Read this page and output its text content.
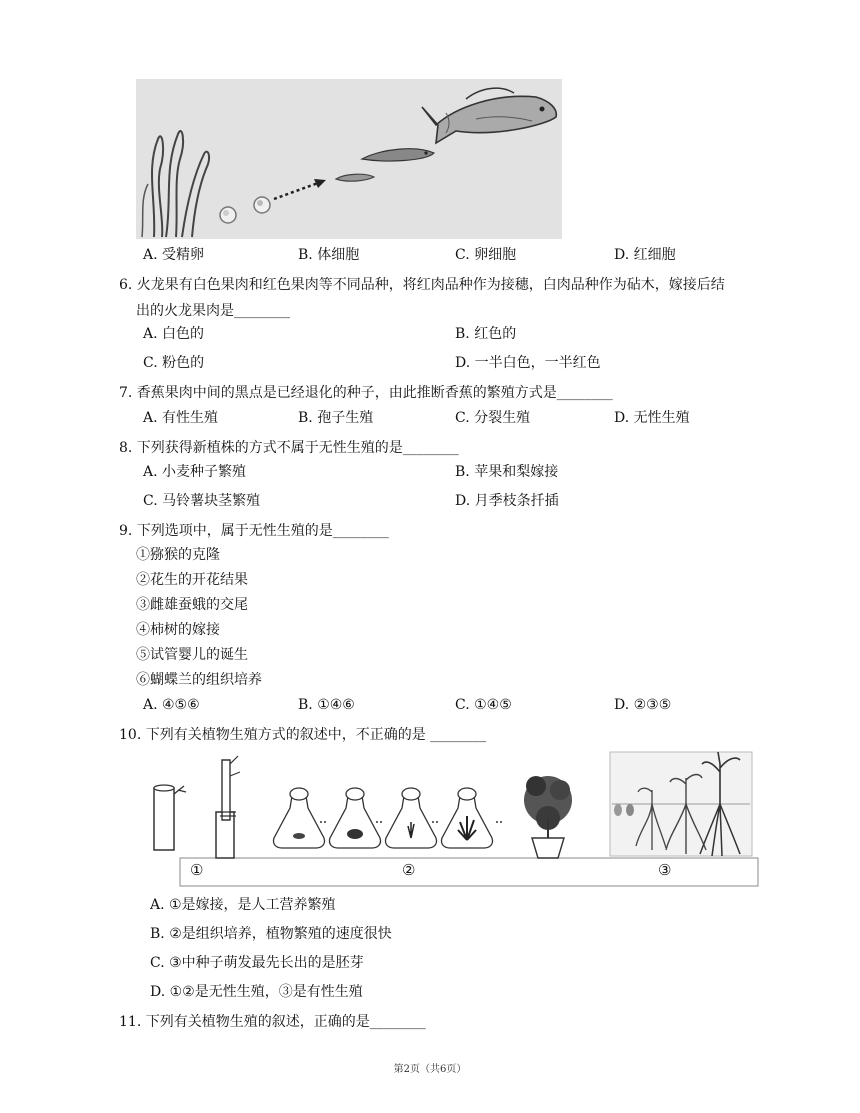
A. 受精卵	B. 体细胞	C. 卵细胞	D. 红细胞
6. 火龙果有白色果肉和红色果肉等不同品种，将红肉品种作为接穗，白肉品种作为砧木，嫁接后结
出的火龙果肉是________
A. 白色的	B. 红色的
C. 粉色的	D. 一半白色，一半红色
7. 香蕉果肉中间的黑点是已经退化的种子，由此推断香蕉的繁殖方式是________
A. 有性生殖	B. 孢子生殖	C. 分裂生殖	D. 无性生殖
8. 下列获得新植株的方式不属于无性生殖的是________
A. 小麦种子繁殖	B. 苹果和梨嫁接
C. 马铃薯块茎繁殖	D. 月季枝条扦插
9. 下列选项中，属于无性生殖的是________
①猕猴的克隆
②花生的开花结果
③雌雄蚕蛾的交尾
④柿树的嫁接
⑤试管婴儿的诞生
⑥蝴蝶兰的组织培养
A. ④⑤⑥	B. ①④⑥	C. ①④⑤	D. ②③⑤
10. 下列有关植物生殖方式的叙述中，不正确的是 ________
①	②	③
A. ①是嫁接，是人工营养繁殖
B. ②是组织培养，植物繁殖的速度很快
C. ③中种子萌发最先长出的是胚芽
D. ①②是无性生殖，③是有性生殖
11. 下列有关植物生殖的叙述，正确的是________
第2页（共6页）
